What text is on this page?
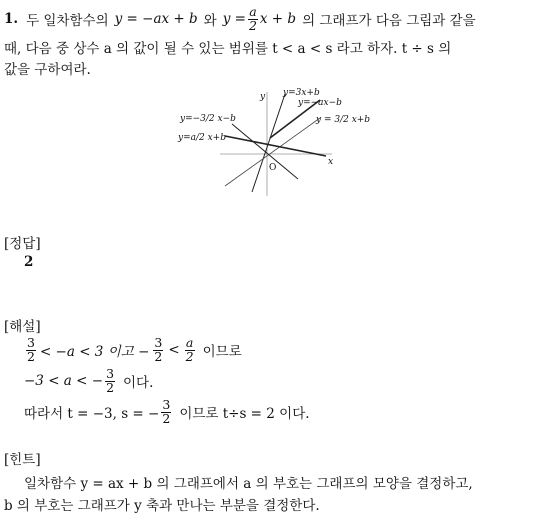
1. 두 일차함수의 y = −ax + b 와 $y = \frac{a}{2}$ x + b 의 그래프가 다음 그림과 같을
때, 다음 중 상수 a 의 값이 될 수 있는 범위를 t < a < s 라고 하자. t ÷ s 의
값을 구하여라.
x
y
O
y=3x+b
y=−ax−b
y = 3/2 x+b
y=−3/2 x−b
y=a/2 x+b
[정답]
2
[해설]
$\frac{3}{2} < -a < 3$ 이고 − $\frac{3}{2} < \frac{a}{2}$ 이므로
−3 < a < − $\frac{3}{2}$ 이다.
따라서 t = −3, s = − $\frac{3}{2}$ 이므로 t÷s = 2 이다.
[힌트]
일차함수 y = ax + b 의 그래프에서 a 의 부호는 그래프의 모양을 결정하고,
b 의 부호는 그래프가 y 축과 만나는 부분을 결정한다.
